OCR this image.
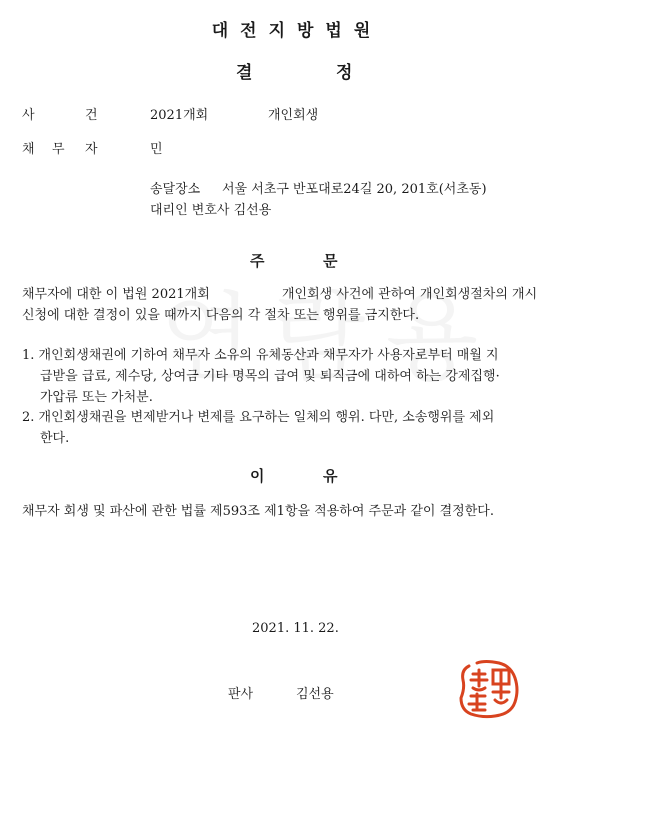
대전지방법원
결	정
사	건	2021개회	개인회생
채 무 자	민
송달장소 서울 서초구 반포대로24길 20, 201호(서초동)
대리인 변호사 김선용
주	문
채무자에 대한 이 법원 2021개회	개인회생 사건에 관하여 개인회생절차의 개시
신청에 대한 결정이 있을 때까지 다음의 각 절차 또는 행위를 금지한다.
1. 개인회생채권에 기하여 채무자 소유의 유체동산과 채무자가 사용자로부터 매월 지
급받을 급료, 제수당, 상여금 기타 명목의 급여 및 퇴직금에 대하여 하는 강제집행·
가압류 또는 가처분.
2. 개인회생채권을 변제받거나 변제를 요구하는 일체의 행위. 다만, 소송행위를 제외
한다.
이	유
채무자 회생 및 파산에 관한 법률 제593조 제1항을 적용하여 주문과 같이 결정한다.
2021. 11. 22.
판사	김선용
